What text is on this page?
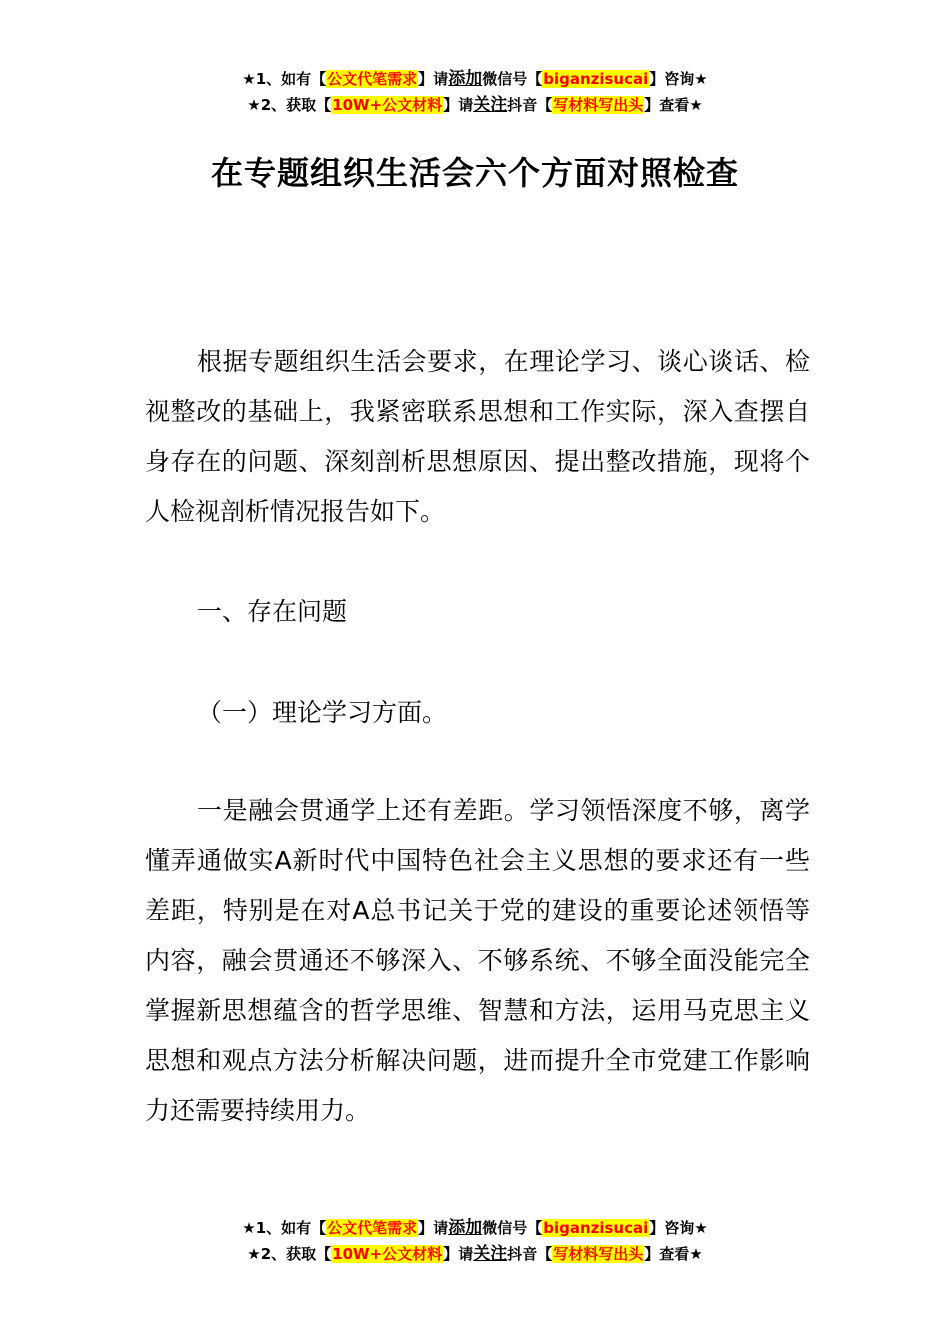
★1、如有【公文代笔需求】请添加微信号【biganzisucai】咨询★
★2、获取【10W+公文材料】请关注抖音【写材料写出头】查看★
在专题组织生活会六个方面对照检查
根据专题组织生活会要求，在理论学习、谈心谈话、检视整改的基础上，我紧密联系思想和工作实际，深入查摆自身存在的问题、深刻剖析思想原因、提出整改措施，现将个人检视剖析情况报告如下。
一、存在问题
（一）理论学习方面。
一是融会贯通学上还有差距。学习领悟深度不够，离学懂弄通做实A新时代中国特色社会主义思想的要求还有一些差距，特别是在对A总书记关于党的建设的重要论述领悟等内容，融会贯通还不够深入、不够系统、不够全面没能完全掌握新思想蕴含的哲学思维、智慧和方法，运用马克思主义思想和观点方法分析解决问题，进而提升全市党建工作影响力还需要持续用力。
★1、如有【公文代笔需求】请添加微信号【biganzisucai】咨询★
★2、获取【10W+公文材料】请关注抖音【写材料写出头】查看★
